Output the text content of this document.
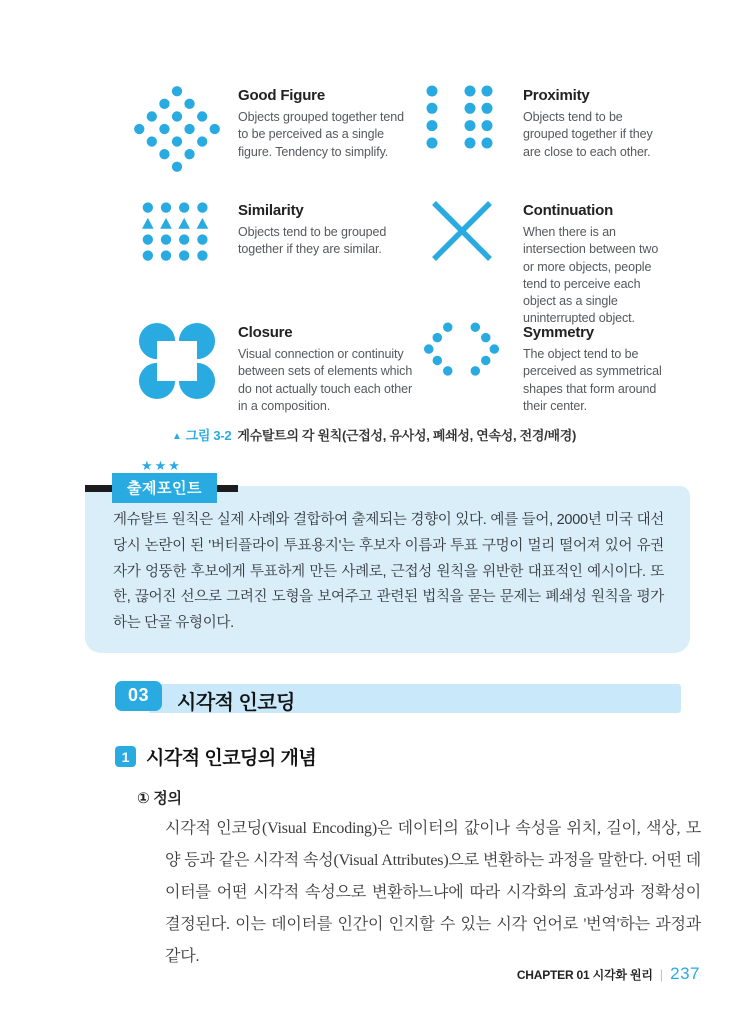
Good Figure
Objects grouped together tend to be perceived as a single figure. Tendency to simplify.
Proximity
Objects tend to be grouped together if they are close to each other.
Similarity
Objects tend to be grouped together if they are similar.
Continuation
When there is an intersection between two or more objects, people tend to perceive each object as a single uninterrupted object.
Closure
Visual connection or continuity between sets of elements which do not actually touch each other in a composition.
Symmetry
The object tend to be perceived as symmetrical shapes that form around their center.
▲ 그림 3-2 게슈탈트의 각 원칙(근접성, 유사성, 폐쇄성, 연속성, 전경/배경)
★★★
출제포인트
게슈탈트 원칙은 실제 사례와 결합하여 출제되는 경향이 있다. 예를 들어, 2000년 미국 대선 당시 논란이 된 '버터플라이 투표용지'는 후보자 이름과 투표 구멍이 멀리 떨어져 있어 유권자가 엉뚱한 후보에게 투표하게 만든 사례로, 근접성 원칙을 위반한 대표적인 예시이다. 또한, 끊어진 선으로 그려진 도형을 보여주고 관련된 법칙을 묻는 문제는 폐쇄성 원칙을 평가하는 단골 유형이다.
03	시각적 인코딩
1 시각적 인코딩의 개념
① 정의
시각적 인코딩(Visual Encoding)은 데이터의 값이나 속성을 위치, 길이, 색상, 모양 등과 같은 시각적 속성(Visual Attributes)으로 변환하는 과정을 말한다. 어떤 데이터를 어떤 시각적 속성으로 변환하느냐에 따라 시각화의 효과성과 정확성이 결정된다. 이는 데이터를 인간이 인지할 수 있는 시각 언어로 '번역'하는 과정과 같다.
CHAPTER 01 시각화 원리 | 237
